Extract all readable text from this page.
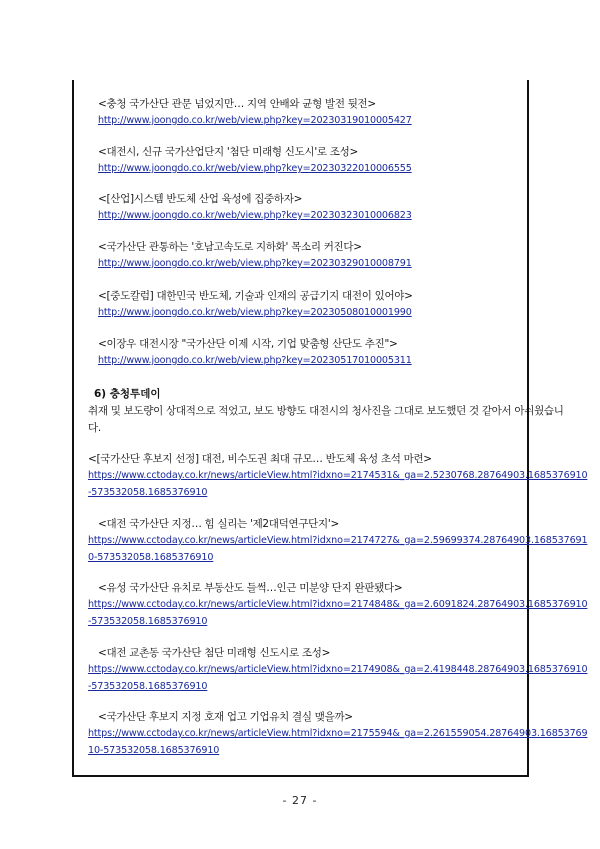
<충청 국가산단 관문 넘었지만… 지역 안배와 균형 발전 뒷전>
http://www.joongdo.co.kr/web/view.php?key=20230319010005427
<대전시, 신규 국가산업단지 '첨단 미래형 신도시'로 조성>
http://www.joongdo.co.kr/web/view.php?key=20230322010006555
<[산업]시스템 반도체 산업 육성에 집중하자>
http://www.joongdo.co.kr/web/view.php?key=20230323010006823
<국가산단 관통하는 '호남고속도로 지하화' 목소리 커진다>
http://www.joongdo.co.kr/web/view.php?key=20230329010008791
<[중도칼럼] 대한민국 반도체, 기술과 인재의 공급기지 대전이 있어야>
http://www.joongdo.co.kr/web/view.php?key=20230508010001990
<이장우 대전시장 "국가산단 이제 시작, 기업 맞춤형 산단도 추진">
http://www.joongdo.co.kr/web/view.php?key=20230517010005311
6) 충청투데이
취재 및 보도량이 상대적으로 적었고, 보도 방향도 대전시의 청사진을 그대로 보도했던 것 같아서 아쉬웠습니
다.
<[국가산단 후보지 선정] 대전, 비수도권 최대 규모… 반도체 육성 초석 마련>
https://www.cctoday.co.kr/news/articleView.html?idxno=2174531&_ga=2.5230768.28764903.1685376910
-573532058.1685376910
<대전 국가산단 지정… 힘 실리는 '제2대덕연구단지'>
https://www.cctoday.co.kr/news/articleView.html?idxno=2174727&_ga=2.59699374.28764903.168537691
0-573532058.1685376910
<유성 국가산단 유치로 부동산도 들썩…인근 미분양 단지 완판됐다>
https://www.cctoday.co.kr/news/articleView.html?idxno=2174848&_ga=2.6091824.28764903.1685376910
-573532058.1685376910
<대전 교촌동 국가산단 첨단 미래형 신도시로 조성>
https://www.cctoday.co.kr/news/articleView.html?idxno=2174908&_ga=2.4198448.28764903.1685376910
-573532058.1685376910
<국가산단 후보지 지정 호재 업고 기업유치 결실 맺을까>
https://www.cctoday.co.kr/news/articleView.html?idxno=2175594&_ga=2.261559054.28764903.16853769
10-573532058.1685376910
- 27 -
